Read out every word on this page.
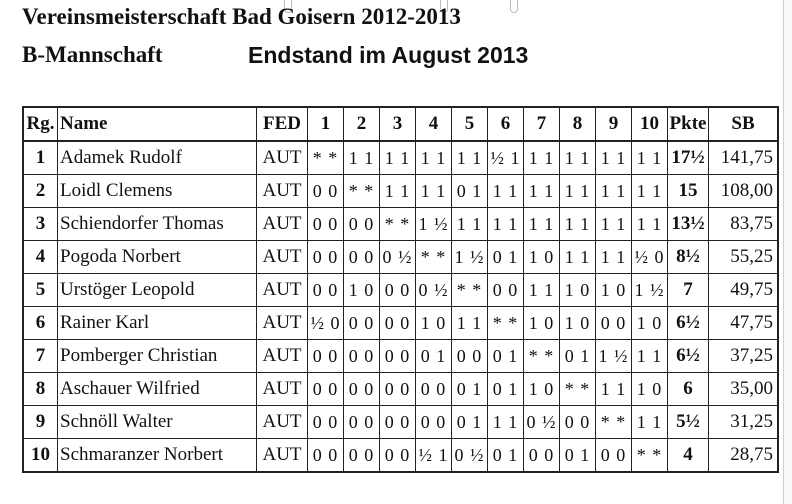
Vereinsmeisterschaft Bad Goisern 2012-2013
B-Mannschaft	Endstand im August 2013
Rg.	Name	FED	1	2	3	4	5	6	7	8	9	10	Pkte	SB
1	Adamek Rudolf	AUT	* *	1 1	1 1	1 1	1 1	½ 1	1 1	1 1	1 1	1 1	17½	141,75
2	Loidl Clemens	AUT	0 0	* *	1 1	1 1	0 1	1 1	1 1	1 1	1 1	1 1	15	108,00
3	Schiendorfer Thomas	AUT	0 0	0 0	* *	1 ½	1 1	1 1	1 1	1 1	1 1	1 1	13½	83,75
4	Pogoda Norbert	AUT	0 0	0 0	0 ½	* *	1 ½	0 1	1 0	1 1	1 1	½ 0	8½	55,25
5	Urstöger Leopold	AUT	0 0	1 0	0 0	0 ½	* *	0 0	1 1	1 0	1 0	1 ½	7	49,75
6	Rainer Karl	AUT	½ 0	0 0	0 0	1 0	1 1	* *	1 0	1 0	0 0	1 0	6½	47,75
7	Pomberger Christian	AUT	0 0	0 0	0 0	0 1	0 0	0 1	* *	0 1	1 ½	1 1	6½	37,25
8	Aschauer Wilfried	AUT	0 0	0 0	0 0	0 0	0 1	0 1	1 0	* *	1 1	1 0	6	35,00
9	Schnöll Walter	AUT	0 0	0 0	0 0	0 0	0 1	1 1	0 ½	0 0	* *	1 1	5½	31,25
10	Schmaranzer Norbert	AUT	0 0	0 0	0 0	½ 1	0 ½	0 1	0 0	0 1	0 0	* *	4	28,75
